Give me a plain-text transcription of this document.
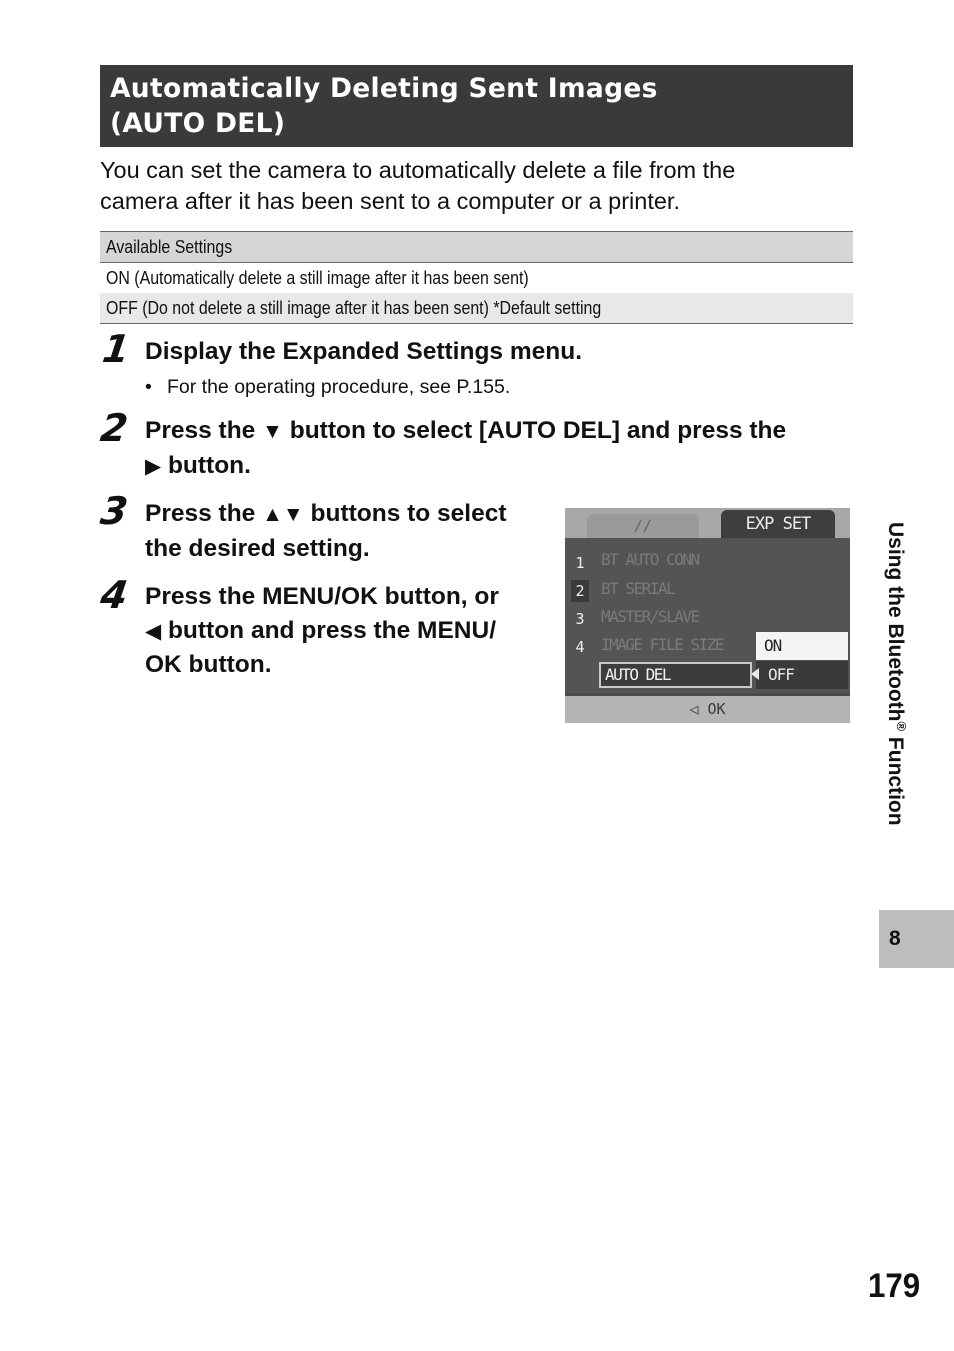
Automatically Deleting Sent Images
(AUTO DEL)

You can set the camera to automatically delete a file from the
camera after it has been sent to a computer or a printer.

Available Settings
ON (Automatically delete a still image after it has been sent)
OFF (Do not delete a still image after it has been sent) *Default setting
1 Display the Expanded Settings menu.

• For the operating procedure, see P.155.
2 Press the ▼ button to select [AUTO DEL] and press the
▶ button.

3 Press the ▲▼ buttons to select
the desired setting.

4 Press the MENU/OK button, or
◀ button and press the MENU/
OK button.

//	EXP SET
1
2
3
4
BT AUTO CONN
BT SERIAL
MASTER/SLAVE
IMAGE FILE SIZE
AUTO DEL
ON
OFF
◁ OK	Using the Bluetooth® Function
8
179
